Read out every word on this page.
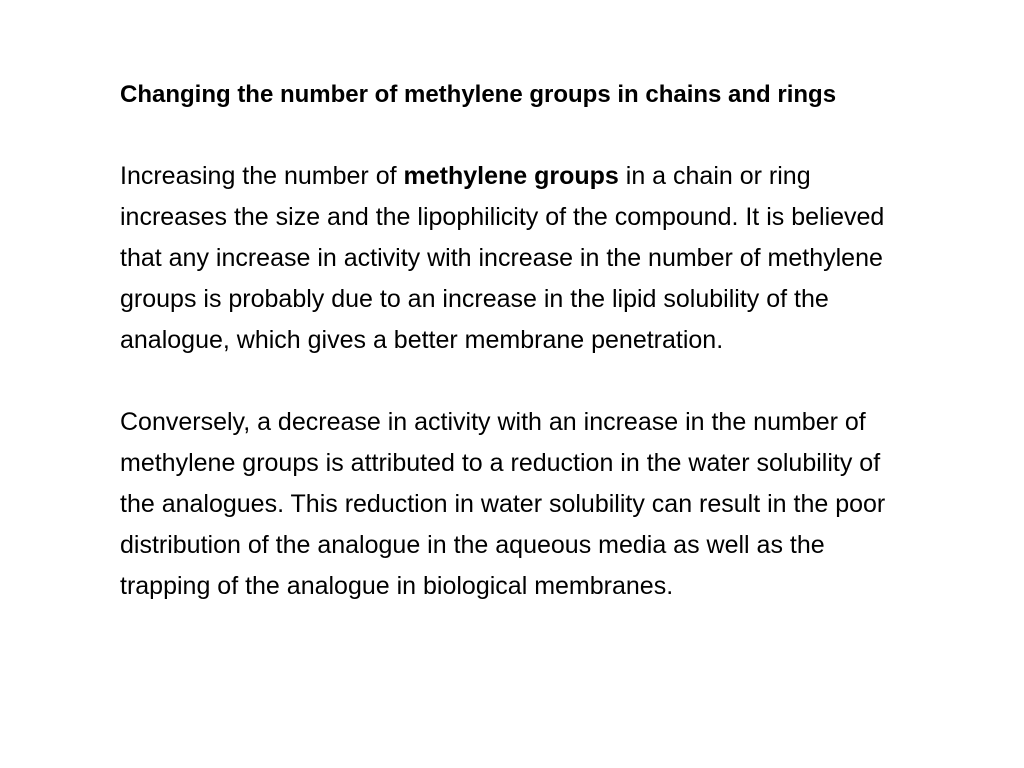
Changing the number of methylene groups in chains and rings

Increasing the number of methylene groups in a chain or ring increases the size and the lipophilicity of the compound. It is believed that any increase in activity with increase in the number of methylene groups is probably due to an increase in the lipid solubility of the analogue, which gives a better membrane penetration.

Conversely, a decrease in activity with an increase in the number of methylene groups is attributed to a reduction in the water solubility of the analogues. This reduction in water solubility can result in the poor distribution of the analogue in the aqueous media as well as the trapping of the analogue in biological membranes.
